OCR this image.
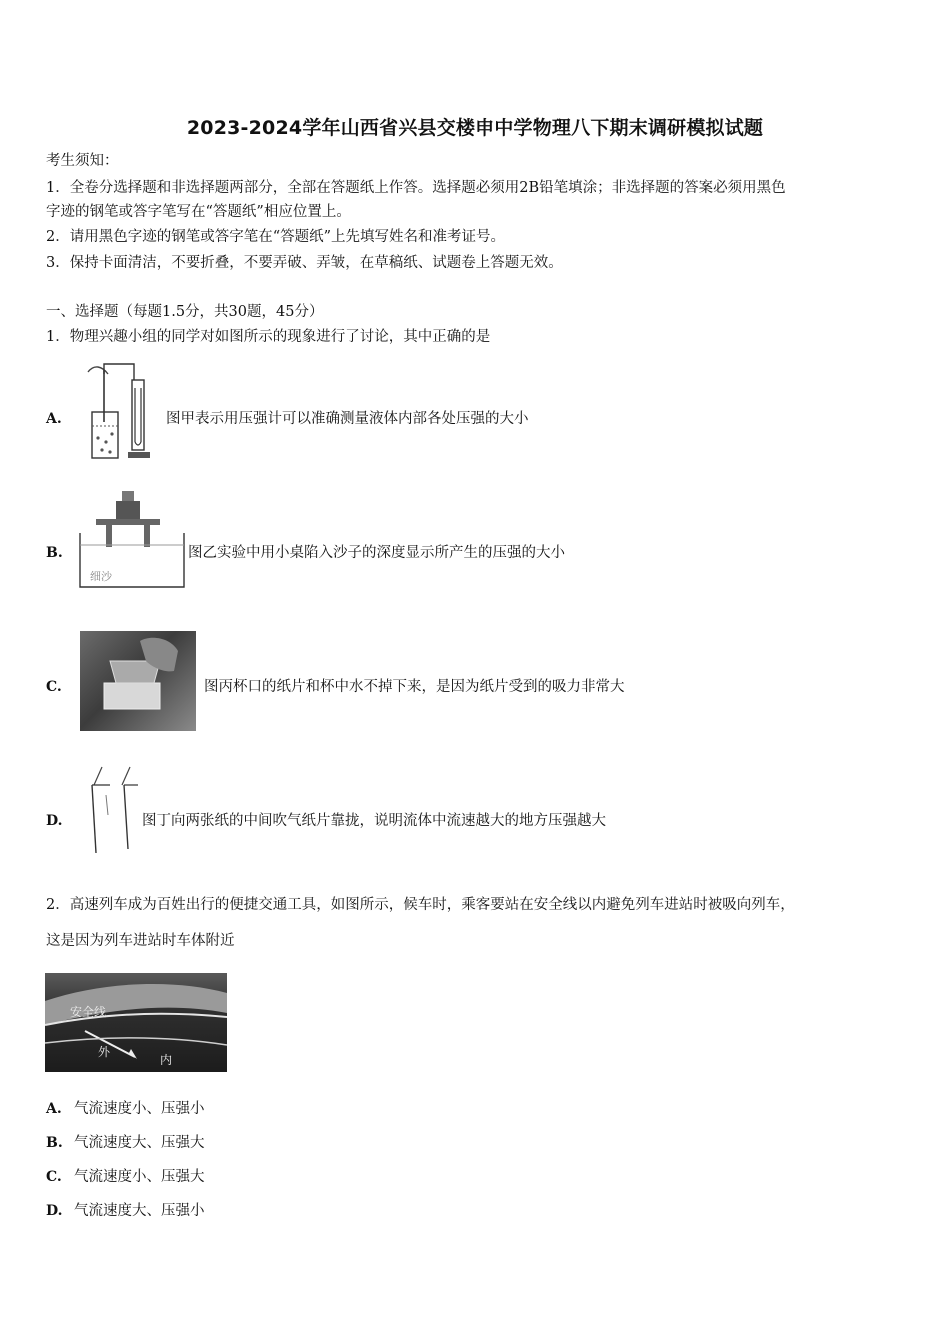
2023-2024学年山西省兴县交楼申中学物理八下期末调研模拟试题
考生须知：
1．全卷分选择题和非选择题两部分，全部在答题纸上作答。选择题必须用2B铅笔填涂；非选择题的答案必须用黑色
字迹的钢笔或答字笔写在“答题纸”相应位置上。
2．请用黑色字迹的钢笔或答字笔在“答题纸”上先填写姓名和准考证号。
3．保持卡面清洁，不要折叠，不要弄破、弄皱，在草稿纸、试题卷上答题无效。
一、选择题（每题1.5分，共30题，45分）
1．物理兴趣小组的同学对如图所示的现象进行了讨论，其中正确的是
A.	图甲表示用压强计可以准确测量液体内部各处压强的大小
B.
细沙
图乙实验中用小桌陷入沙子的深度显示所产生的压强的大小
C.	图丙杯口的纸片和杯中水不掉下来，是因为纸片受到的吸力非常大
D.	图丁向两张纸的中间吹气纸片靠拢，说明流体中流速越大的地方压强越大
2．高速列车成为百姓出行的便捷交通工具，如图所示，候车时，乘客要站在安全线以内避免列车进站时被吸向列车，
这是因为列车进站时车体附近
安全线
外
内
A. 气流速度小、压强小
B. 气流速度大、压强大
C. 气流速度小、压强大
D. 气流速度大、压强小
